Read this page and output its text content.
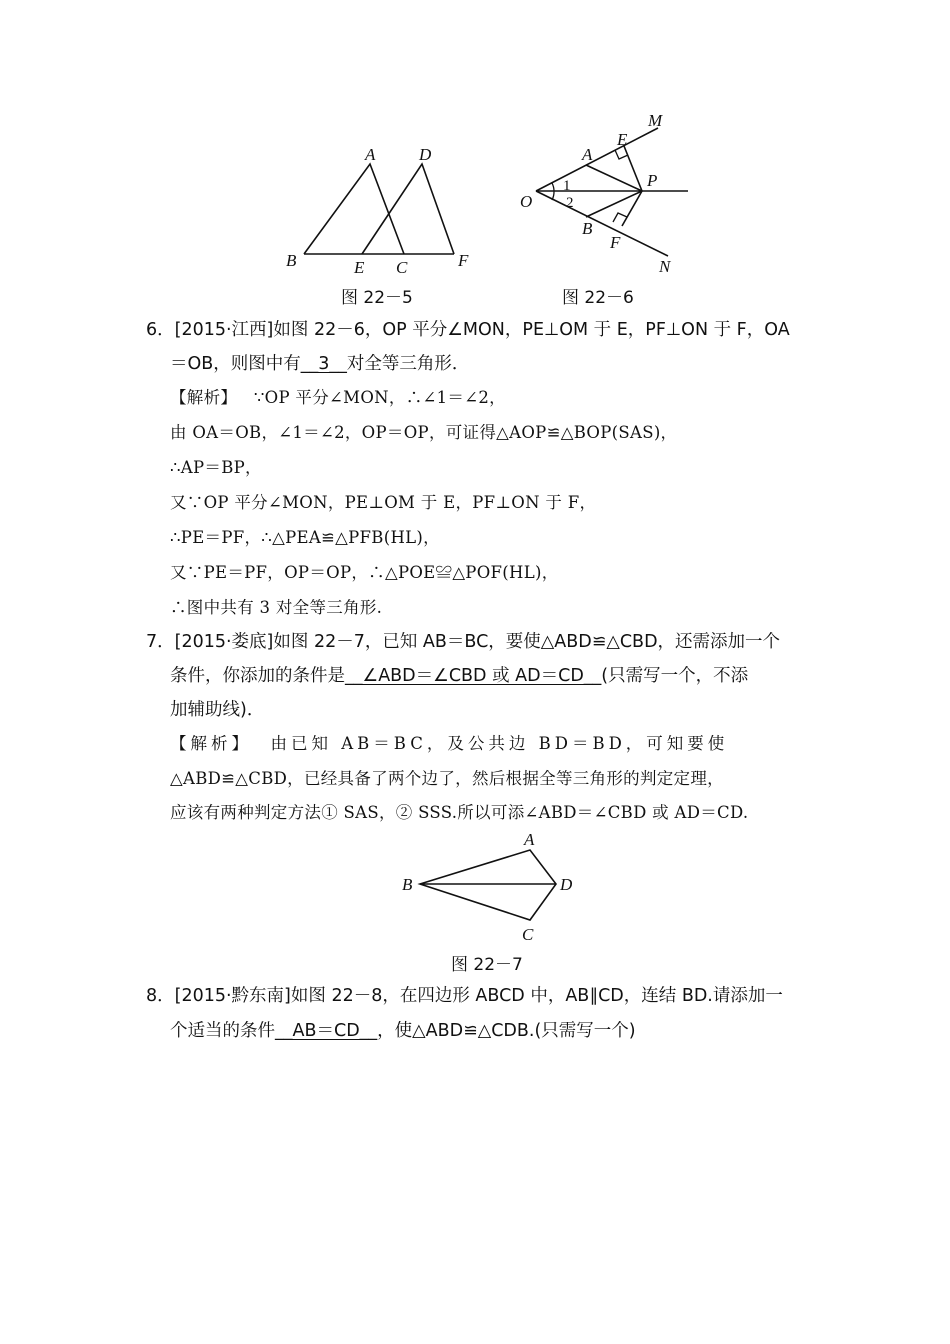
A	D
B	E C	F
图 22－5
M
E
A
P
O
1
2
B
F
N
图 22－6
6．[2015·江西]如图 22－6，OP 平分∠MON，PE⊥OM 于 E，PF⊥ON 于 F，OA
＝OB，则图中有__3__对全等三角形．
【解析】 ∵OP 平分∠MON，∴∠1＝∠2，
由 OA＝OB，∠1＝∠2，OP＝OP，可证得△AOP≌△BOP(SAS)，
∴AP＝BP，
又∵OP 平分∠MON，PE⊥OM 于 E，PF⊥ON 于 F，
∴PE＝PF，∴△PEA≌△PFB(HL)，
又∵PE＝PF，OP＝OP，∴△POE≌△POF(HL)，
∴图中共有 3 对全等三角形.
7．[2015·娄底]如图 22－7，已知 AB＝BC，要使△ABD≌△CBD，还需添加一个
条件，你添加的条件是__∠ABD＝∠CBD 或 AD＝CD__(只需写一个，不添
加辅助线)．
【解析】 由已知 AB＝BC，及公共边 BD＝BD，可知要使
△ABD≌△CBD，已经具备了两个边了，然后根据全等三角形的判定定理，
应该有两种判定方法① SAS，② SSS.所以可添∠ABD＝∠CBD 或 AD＝CD.
A
B	D
C
图 22－7
8．[2015·黔东南]如图 22－8，在四边形 ABCD 中，AB∥CD，连结 BD.请添加一
个适当的条件__AB＝CD__，使△ABD≌△CDB.(只需写一个)
